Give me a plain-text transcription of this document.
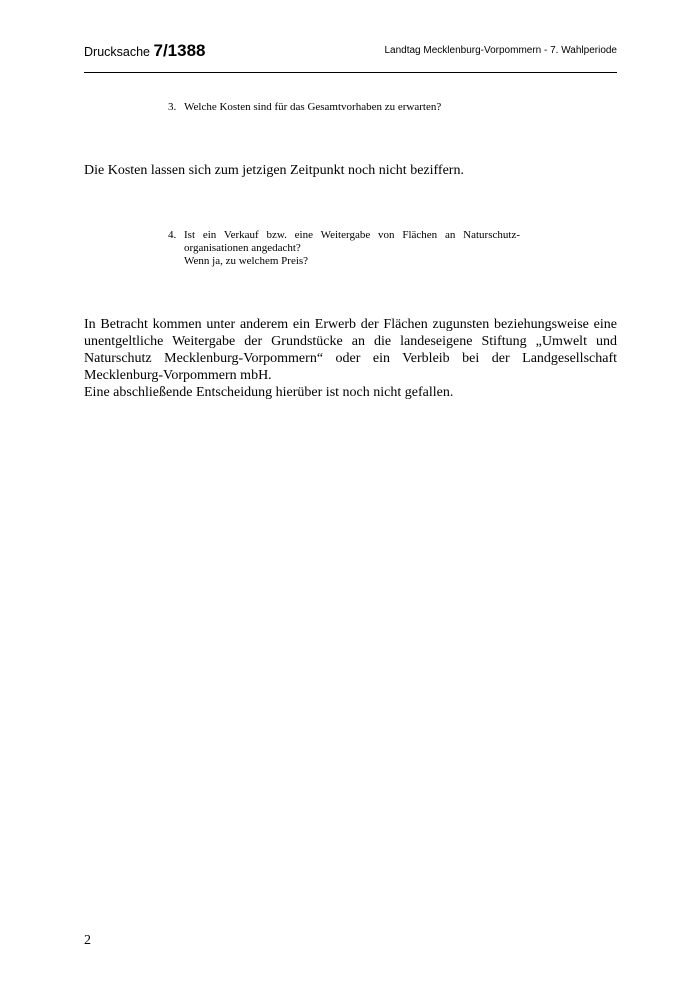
Drucksache 7/1388	Landtag Mecklenburg-Vorpommern - 7. Wahlperiode
3. Welche Kosten sind für das Gesamtvorhaben zu erwarten?
Die Kosten lassen sich zum jetzigen Zeitpunkt noch nicht beziffern.
4. Ist ein Verkauf bzw. eine Weitergabe von Flächen an Naturschutz-
organisationen angedacht?
Wenn ja, zu welchem Preis?
In Betracht kommen unter anderem ein Erwerb der Flächen zugunsten beziehungsweise eine
unentgeltliche Weitergabe der Grundstücke an die landeseigene Stiftung „Umwelt und
Naturschutz Mecklenburg-Vorpommern“ oder ein Verbleib bei der Landgesellschaft
Mecklenburg-Vorpommern mbH.
Eine abschließende Entscheidung hierüber ist noch nicht gefallen.
2
